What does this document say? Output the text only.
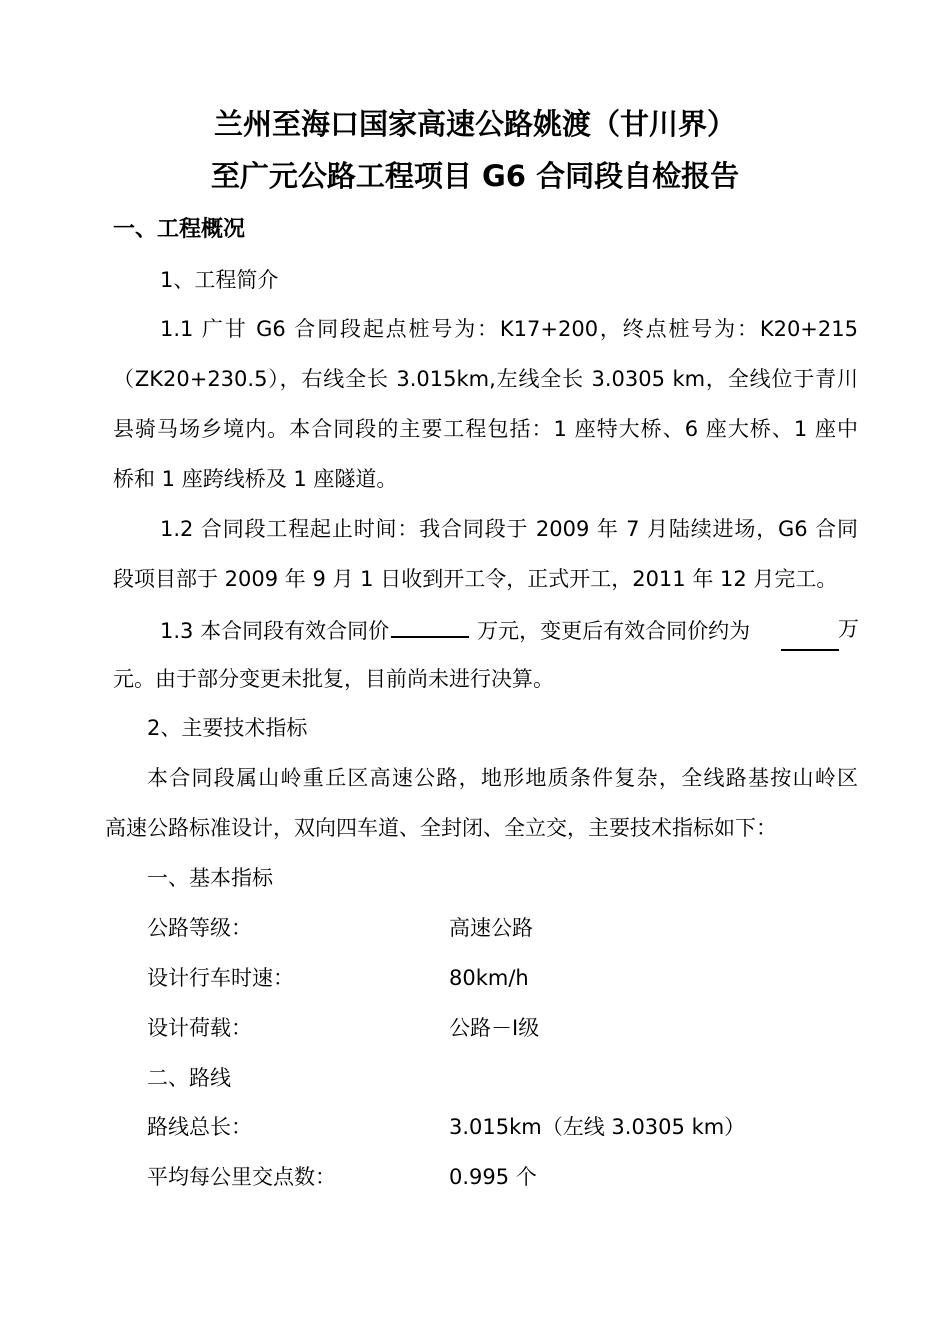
兰州至海口国家高速公路姚渡（甘川界）
至广元公路工程项目 G6 合同段自检报告
一、工程概况
1、工程简介
1.1 广甘 G6 合同段起点桩号为：K17+200，终点桩号为：K20+215
（ZK20+230.5），右线全长 3.015km,左线全长 3.0305 km，全线位于青川
县骑马场乡境内。本合同段的主要工程包括：1 座特大桥、6 座大桥、1 座中
桥和 1 座跨线桥及 1 座隧道。
1.2 合同段工程起止时间：我合同段于 2009 年 7 月陆续进场，G6 合同
段项目部于 2009 年 9 月 1 日收到开工令，正式开工，2011 年 12 月完工。
1.3 本合同段有效合同价	万元，变更后有效合同价约为	万
元。由于部分变更未批复，目前尚未进行决算。
2、主要技术指标
本合同段属山岭重丘区高速公路，地形地质条件复杂，全线路基按山岭区
高速公路标准设计，双向四车道、全封闭、全立交，主要技术指标如下：
一、基本指标
公路等级：	高速公路
设计行车时速：	80km/h
设计荷载：	公路－Ⅰ级
二、路线
路线总长：	3.015km（左线 3.0305 km）
平均每公里交点数：	0.995 个
